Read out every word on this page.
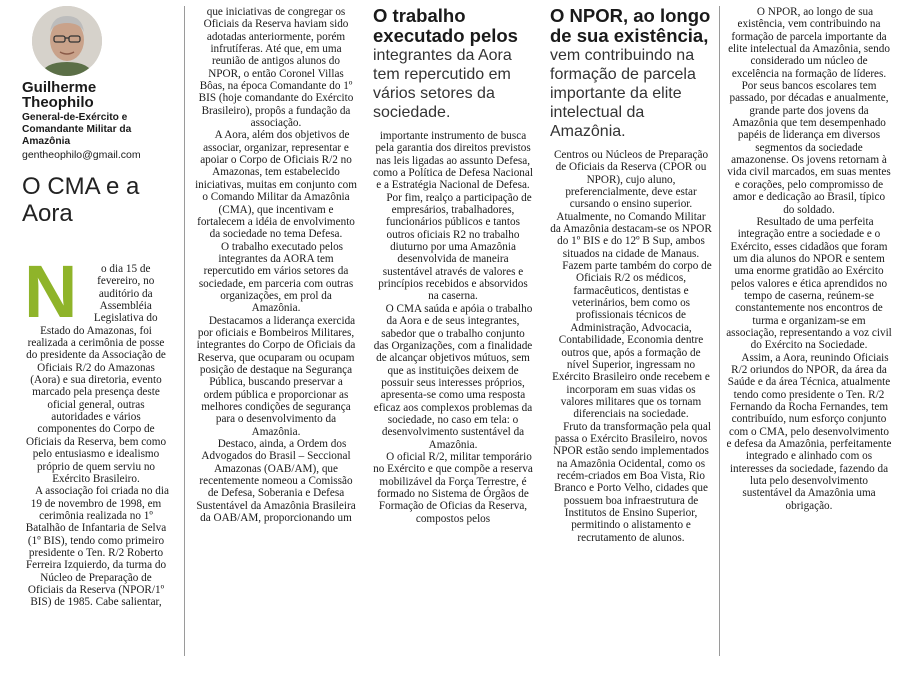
Guilherme Theophilo
General-de-Exército e Comandante Militar da Amazônia
gentheophilo@gmail.com
O CMA e a Aora

N o dia 15 de fevereiro, no auditório da Assembléia Legislativa do Estado do Amazonas, foi realizada a cerimônia de posse do presidente da Associação de Oficiais R/2 do Amazonas (Aora) e sua diretoria, evento marcado pela presença deste oficial general, outras autoridades e vários componentes do Corpo de Oficiais da Reserva, bem como pelo entusiasmo e idealismo próprio de quem serviu no Exército Brasileiro.

A associação foi criada no dia 19 de novembro de 1998, em cerimônia realizada no 1º Batalhão de Infantaria de Selva (1º BIS), tendo como primeiro presidente o Ten. R/2 Roberto Ferreira Izquierdo, da turma do Núcleo de Preparação de Oficiais da Reserva (NPOR/1º BIS) de 1985. Cabe salientar,

que iniciativas de congregar os Oficiais da Reserva haviam sido adotadas anteriormente, porém infrutíferas. Até que, em uma reunião de antigos alunos do NPOR, o então Coronel Villas Bôas, na época Comandante do 1º BIS (hoje comandante do Exército Brasileiro), propôs a fundação da associação.

A Aora, além dos objetivos de associar, organizar, representar e apoiar o Corpo de Oficiais R/2 no Amazonas, tem estabelecido iniciativas, muitas em conjunto com o Comando Militar da Amazônia (CMA), que incentivam e fortalecem a idéia de envolvimento da sociedade no tema Defesa.

O trabalho executado pelos integrantes da AORA tem repercutido em vários setores da sociedade, em parceria com outras organizações, em prol da Amazônia.

Destacamos a liderança exercida por oficiais e Bombeiros Militares, integrantes do Corpo de Oficiais da Reserva, que ocuparam ou ocupam posição de destaque na Segurança Pública, buscando preservar a ordem pública e proporcionar as melhores condições de segurança para o desenvolvimento da Amazônia.

Destaco, ainda, a Ordem dos Advogados do Brasil – Seccional Amazonas (OAB/AM), que recentemente nomeou a Comissão de Defesa, Soberania e Defesa Sustentável da Amazônia Brasileira da OAB/AM, proporcionando um

O trabalho executado pelos
integrantes da Aora tem repercutido em vários setores da sociedade.

importante instrumento de busca pela garantia dos direitos previstos nas leis ligadas ao assunto Defesa, como a Política de Defesa Nacional e a Estratégia Nacional de Defesa.

Por fim, realço a participação de empresários, trabalhadores, funcionários públicos e tantos outros oficiais R2 no trabalho diuturno por uma Amazônia desenvolvida de maneira sustentável através de valores e princípios recebidos e absorvidos na caserna.

O CMA saúda e apóia o trabalho da Aora e de seus integrantes, sabedor que o trabalho conjunto das Organizações, com a finalidade de alcançar objetivos mútuos, sem que as instituições deixem de possuir seus interesses próprios, apresenta-se como uma resposta eficaz aos complexos problemas da sociedade, no caso em tela: o desenvolvimento sustentável da Amazônia.

O oficial R/2, militar temporário no Exército e que compõe a reserva mobilizável da Força Terrestre, é formado no Sistema de Órgãos de Formação de Oficias da Reserva, compostos pelos

O NPOR, ao longo de sua existência,
vem contribuindo na formação de parcela importante da elite intelectual da Amazônia.

Centros ou Núcleos de Preparação de Oficiais da Reserva (CPOR ou NPOR), cujo aluno, preferencialmente, deve estar cursando o ensino superior. Atualmente, no Comando Militar da Amazônia destacam-se os NPOR do 1º BIS e do 12º B Sup, ambos situados na cidade de Manaus.

Fazem parte também do corpo de Oficiais R/2 os médicos, farmacêuticos, dentistas e veterinários, bem como os profissionais técnicos de Administração, Advocacia, Contabilidade, Economia dentre outros que, após a formação de nível Superior, ingressam no Exército Brasileiro onde recebem e incorporam em suas vidas os valores militares que os tornam diferenciais na sociedade.

Fruto da transformação pela qual passa o Exército Brasileiro, novos NPOR estão sendo implementados na Amazônia Ocidental, como os recém-criados em Boa Vista, Rio Branco e Porto Velho, cidades que possuem boa infraestrutura de Institutos de Ensino Superior, permitindo o alistamento e recrutamento de alunos.

O NPOR, ao longo de sua existência, vem contribuindo na formação de parcela importante da elite intelectual da Amazônia, sendo considerado um núcleo de excelência na formação de líderes. Por seus bancos escolares tem passado, por décadas e anualmente, grande parte dos jovens da Amazônia que tem desempenhado papéis de liderança em diversos segmentos da sociedade amazonense. Os jovens retornam à vida civil marcados, em suas mentes e corações, pelo compromisso de amor e dedicação ao Brasil, típico do soldado.

Resultado de uma perfeita integração entre a sociedade e o Exército, esses cidadãos que foram um dia alunos do NPOR e sentem uma enorme gratidão ao Exército pelos valores e ética aprendidos no tempo de caserna, reúnem-se constantemente nos encontros de turma e organizam-se em associação, representando a voz civil do Exército na Sociedade.

Assim, a Aora, reunindo Oficiais R/2 oriundos do NPOR, da área da Saúde e da área Técnica, atualmente tendo como presidente o Ten. R/2 Fernando da Rocha Fernandes, tem contribuído, num esforço conjunto com o CMA, pelo desenvolvimento e defesa da Amazônia, perfeitamente integrado e alinhado com os interesses da sociedade, fazendo da luta pelo desenvolvimento sustentável da Amazônia uma obrigação.
